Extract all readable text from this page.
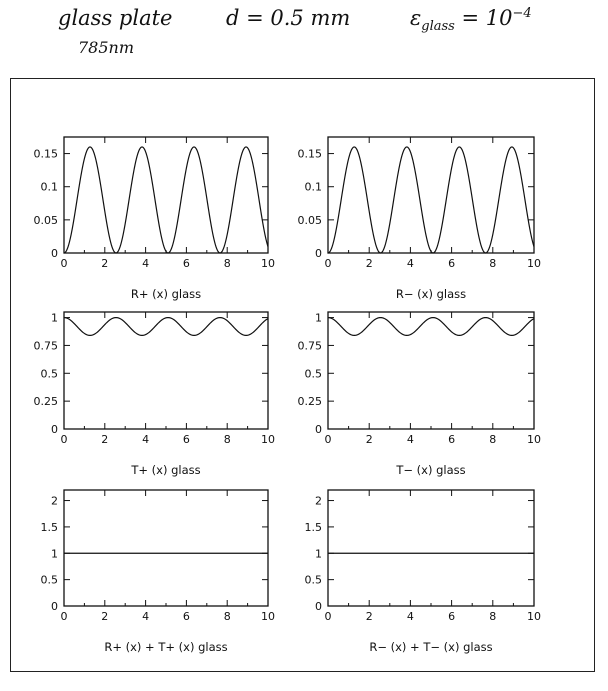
glass plate	d = 0.5 mm	$\varepsilon_{glass} = 10^{-4}$
785nm
0	2	4	6	8	10
0
0.05
0.1
0.15
R+ (x) glass
0	2	4	6	8	10
0
0.05
0.1
0.15
R− (x) glass
0	2	4	6	8	10
0
0.25
0.5
0.75
1
T+ (x) glass
0	2	4	6	8	10
0
0.25
0.5
0.75
1
T− (x) glass
0	2	4	6	8	10
0
0.5
1
1.5
2
R+ (x) + T+ (x) glass
0	2	4	6	8	10
0
0.5
1
1.5
2
R− (x) + T− (x) glass
